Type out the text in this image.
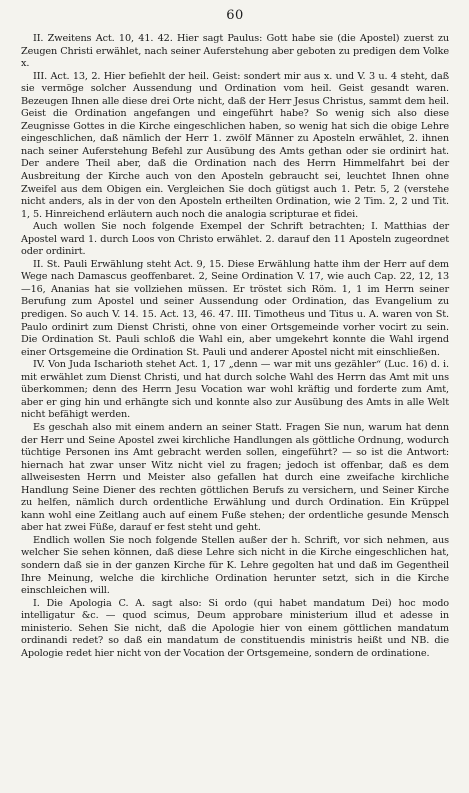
60

II. Zweitens Act. 10, 41. 42. Hier sagt Paulus: Gott habe sie (die Apostel) zuerst zu Zeugen Christi erwählet, nach seiner Auferstehung aber geboten zu predigen dem Volke x.

III. Act. 13, 2. Hier befiehlt der heil. Geist: sondert mir aus x. und V. 3 u. 4 steht, daß sie vermöge solcher Aussendung und Ordination vom heil. Geist gesandt waren. Bezeugen Ihnen alle diese drei Orte nicht, daß der Herr Jesus Christus, sammt dem heil. Geist die Ordination angefangen und eingeführt habe? So wenig sich also diese Zeugnisse Gottes in die Kirche eingeschlichen haben, so wenig hat sich die obige Lehre eingeschlichen, daß nämlich der Herr 1. zwölf Männer zu Aposteln erwählet, 2. ihnen nach seiner Auferstehung Befehl zur Ausübung des Amts gethan oder sie ordinirt hat. Der andere Theil aber, daß die Ordination nach des Herrn Himmelfahrt bei der Ausbreitung der Kirche auch von den Aposteln gebraucht sei, leuchtet Ihnen ohne Zweifel aus dem Obigen ein. Vergleichen Sie doch gütigst auch 1. Petr. 5, 2 (verstehe nicht anders, als in der von den Aposteln ertheilten Ordination, wie 2 Tim. 2, 2 und Tit. 1, 5. Hinreichend erläutern auch noch die analogia scripturae et fidei.

Auch wollen Sie noch folgende Exempel der Schrift betrachten; I. Matthias der Apostel ward 1. durch Loos von Christo erwählet. 2. darauf den 11 Aposteln zugeordnet oder ordinirt.

II. St. Pauli Erwählung steht Act. 9, 15. Diese Erwählung hatte ihm der Herr auf dem Wege nach Damascus geoffenbaret. 2, Seine Ordination V. 17, wie auch Cap. 22, 12, 13—16, Ananias hat sie vollziehen müssen. Er tröstet sich Röm. 1, 1 im Herrn seiner Berufung zum Apostel und seiner Aussendung oder Ordination, das Evangelium zu predigen. So auch V. 14. 15. Act. 13, 46. 47. III. Timotheus und Titus u. A. waren von St. Paulo ordinirt zum Dienst Christi, ohne von einer Ortsgemeinde vorher vocirt zu sein. Die Ordination St. Pauli schloß die Wahl ein, aber umgekehrt konnte die Wahl irgend einer Ortsgemeine die Ordination St. Pauli und anderer Apostel nicht mit einschließen.

IV. Von Juda Ischarioth stehet Act. 1, 17 „denn — war mit uns gezähler“ (Luc. 16) d. i. mit erwählet zum Dienst Christi, und hat durch solche Wahl des Herrn das Amt mit uns überkommen; denn des Herrn Jesu Vocation war wohl kräftig und forderte zum Amt, aber er ging hin und erhängte sich und konnte also zur Ausübung des Amts in alle Welt nicht befähigt werden.

Es geschah also mit einem andern an seiner Statt. Fragen Sie nun, warum hat denn der Herr und Seine Apostel zwei kirchliche Handlungen als göttliche Ordnung, wodurch tüchtige Personen ins Amt gebracht werden sollen, eingeführt? — so ist die Antwort: hiernach hat zwar unser Witz nicht viel zu fragen; jedoch ist offenbar, daß es dem allweisesten Herrn und Meister also gefallen hat durch eine zweifache kirchliche Handlung Seine Diener des rechten göttlichen Berufs zu versichern, und Seiner Kirche zu helfen, nämlich durch ordentliche Erwählung und durch Ordination. Ein Krüppel kann wohl eine Zeitlang auch auf einem Fuße stehen; der ordentliche gesunde Mensch aber hat zwei Füße, darauf er fest steht und geht.

Endlich wollen Sie noch folgende Stellen außer der h. Schrift, vor sich nehmen, aus welcher Sie sehen können, daß diese Lehre sich nicht in die Kirche eingeschlichen hat, sondern daß sie in der ganzen Kirche für K. Lehre gegolten hat und daß im Gegentheil Ihre Meinung, welche die kirchliche Ordination herunter setzt, sich in die Kirche einschleichen will.

I. Die Apologia C. A. sagt also: Si ordo (qui habet mandatum Dei) hoc modo intelligatur &c. — quod scimus, Deum approbare ministerium illud et adesse in ministerio. Sehen Sie nicht, daß die Apologie hier von einem göttlichen mandatum ordinandi redet? so daß ein mandatum de constituendis ministris heißt und NB. die Apologie redet hier nicht von der Vocation der Ortsgemeine, sondern de ordinatione.
